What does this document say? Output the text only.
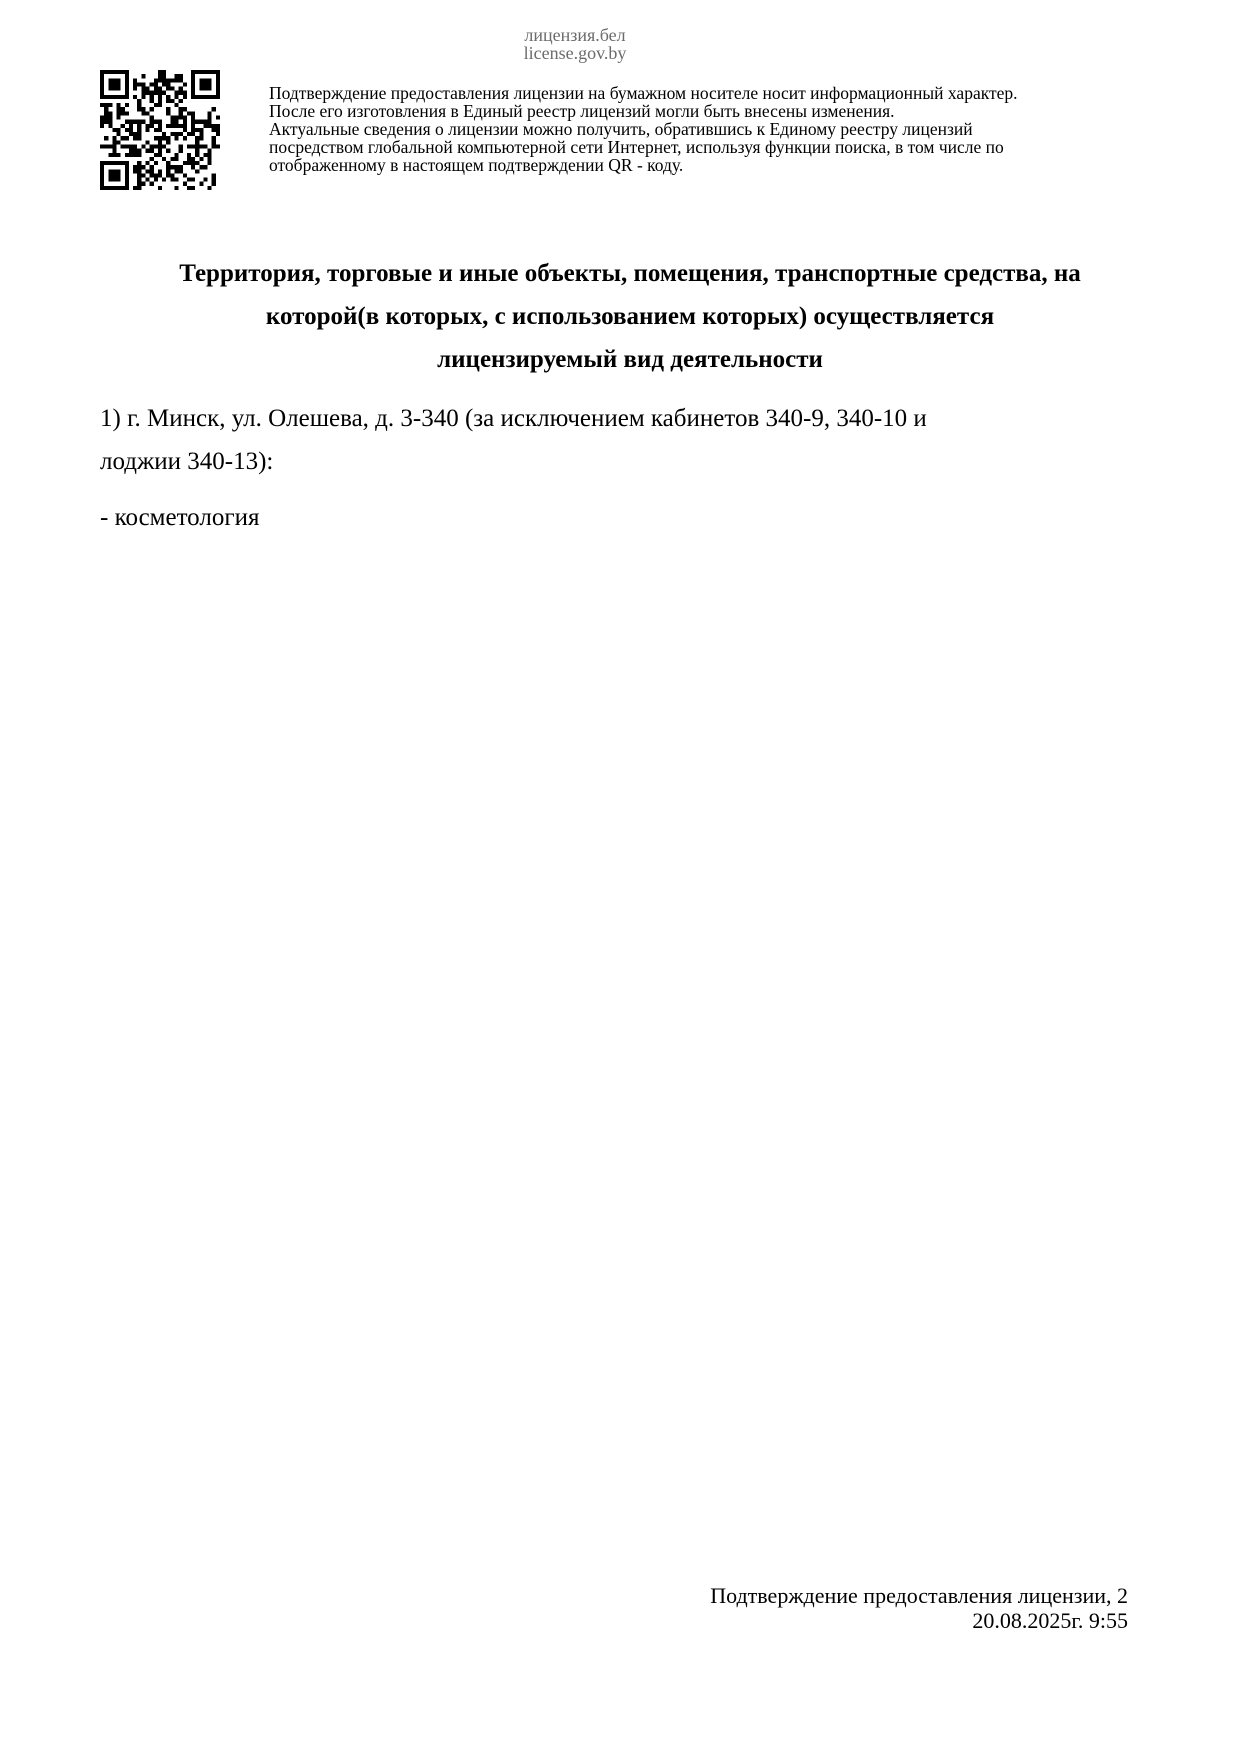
лицензия.бел
license.gov.by
Подтверждение предоставления лицензии на бумажном носителе носит информационный характер.
После его изготовления в Единый реестр лицензий могли быть внесены изменения.
Актуальные сведения о лицензии можно получить, обратившись к Единому реестру лицензий
посредством глобальной компьютерной сети Интернет, используя функции поиска, в том числе по
отображенному в настоящем подтверждении QR - коду.
Территория, торговые и иные объекты, помещения, транспортные средства, на
которой(в которых, с использованием которых) осуществляется
лицензируемый вид деятельности
1) г. Минск, ул. Олешева, д. 3-340 (за исключением кабинетов 340-9, 340-10 и
лоджии 340-13):
- косметология
Подтверждение предоставления лицензии, 2
20.08.2025г. 9:55
